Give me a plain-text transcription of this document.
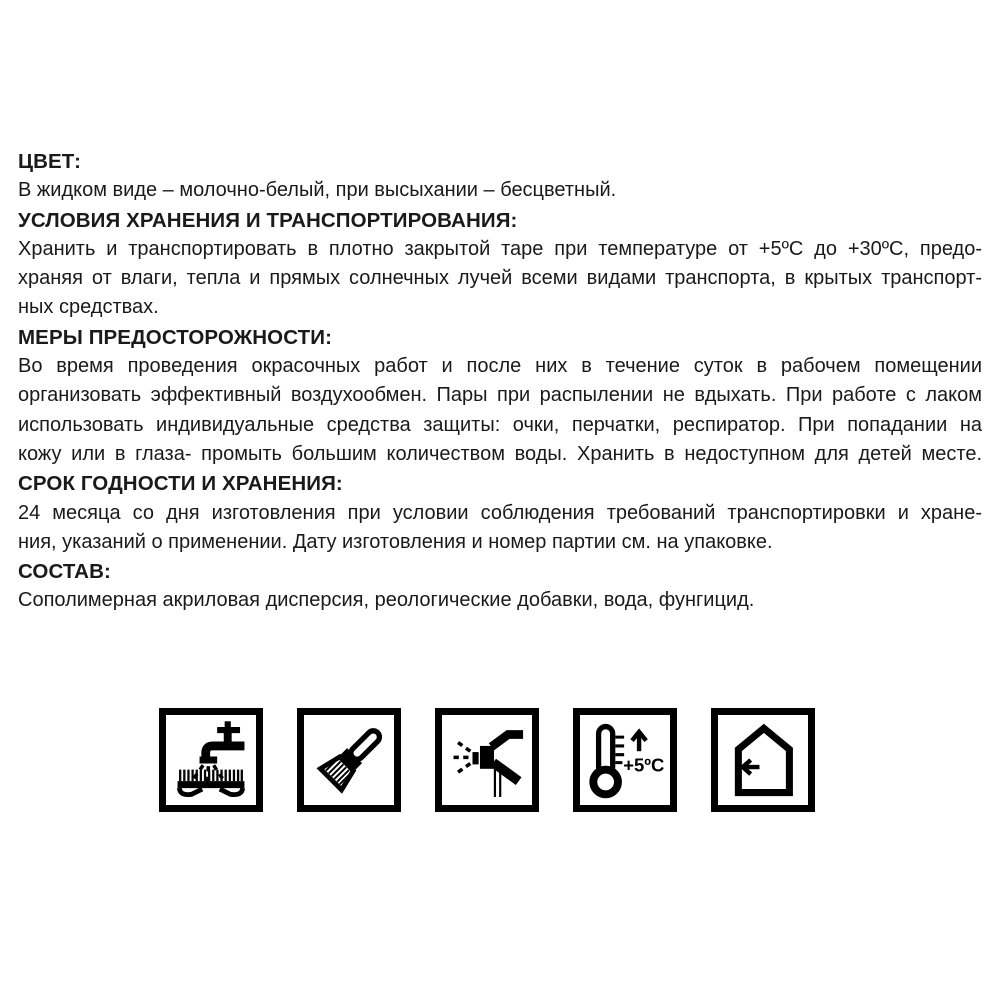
ЦВЕТ:
В жидком виде – молочно-белый, при высыхании – бесцветный.
УСЛОВИЯ ХРАНЕНИЯ И ТРАНСПОРТИРОВАНИЯ:
Хранить и транспортировать в плотно закрытой таре при температуре от +5ºС до +30ºС, предо-
храняя от влаги, тепла и прямых солнечных лучей всеми видами транспорта, в крытых транспорт-
ных средствах.
МЕРЫ ПРЕДОСТОРОЖНОСТИ:
Во время проведения окрасочных работ и после них в течение суток в рабочем помещении
организовать эффективный воздухообмен. Пары при распылении не вдыхать. При работе с лаком
использовать индивидуальные средства защиты: очки, перчатки, респиратор. При попадании на
кожу или в глаза- промыть большим количеством воды. Хранить в недоступном для детей месте.
СРОК ГОДНОСТИ И ХРАНЕНИЯ:
24 месяца со дня изготовления при условии соблюдения требований транспортировки и хране-
ния, указаний о применении. Дату изготовления и номер партии см. на упаковке.
СОСТАВ:
Сополимерная акриловая дисперсия, реологические добавки, вода, фунгицид.
+5ºC
